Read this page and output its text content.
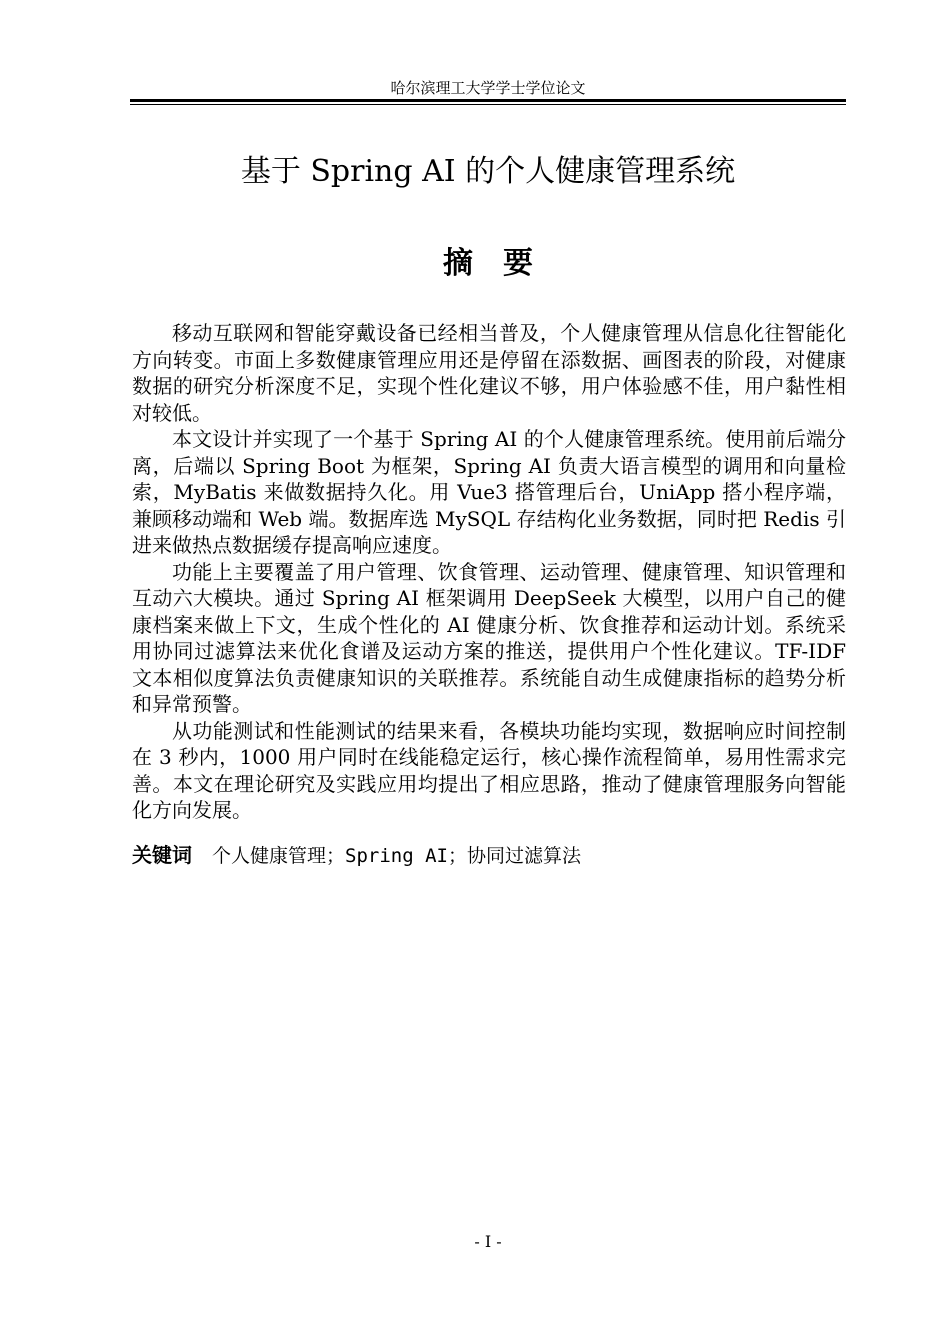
哈尔滨理工大学学士学位论文
基于 Spring AI 的个人健康管理系统
摘要

移动互联网和智能穿戴设备已经相当普及，个人健康管理从信息化往智能化方向转变。市面上多数健康管理应用还是停留在添数据、画图表的阶段，对健康数据的研究分析深度不足，实现个性化建议不够，用户体验感不佳，用户黏性相对较低。

本文设计并实现了一个基于 Spring AI 的个人健康管理系统。使用前后端分离，后端以 Spring Boot 为框架，Spring AI 负责大语言模型的调用和向量检索，MyBatis 来做数据持久化。用 Vue3 搭管理后台，UniApp 搭小程序端，兼顾移动端和 Web 端。数据库选 MySQL 存结构化业务数据，同时把 Redis 引进来做热点数据缓存提高响应速度。

功能上主要覆盖了用户管理、饮食管理、运动管理、健康管理、知识管理和互动六大模块。通过 Spring AI 框架调用 DeepSeek 大模型，以用户自己的健康档案来做上下文，生成个性化的 AI 健康分析、饮食推荐和运动计划。系统采用协同过滤算法来优化食谱及运动方案的推送，提供用户个性化建议。TF-IDF 文本相似度算法负责健康知识的关联推荐。系统能自动生成健康指标的趋势分析和异常预警。

从功能测试和性能测试的结果来看，各模块功能均实现，数据响应时间控制在 3 秒内，1000 用户同时在线能稳定运行，核心操作流程简单，易用性需求完善。本文在理论研究及实践应用均提出了相应思路，推动了健康管理服务向智能化方向发展。

关键词 个人健康管理；Spring AI；协同过滤算法
- I -
